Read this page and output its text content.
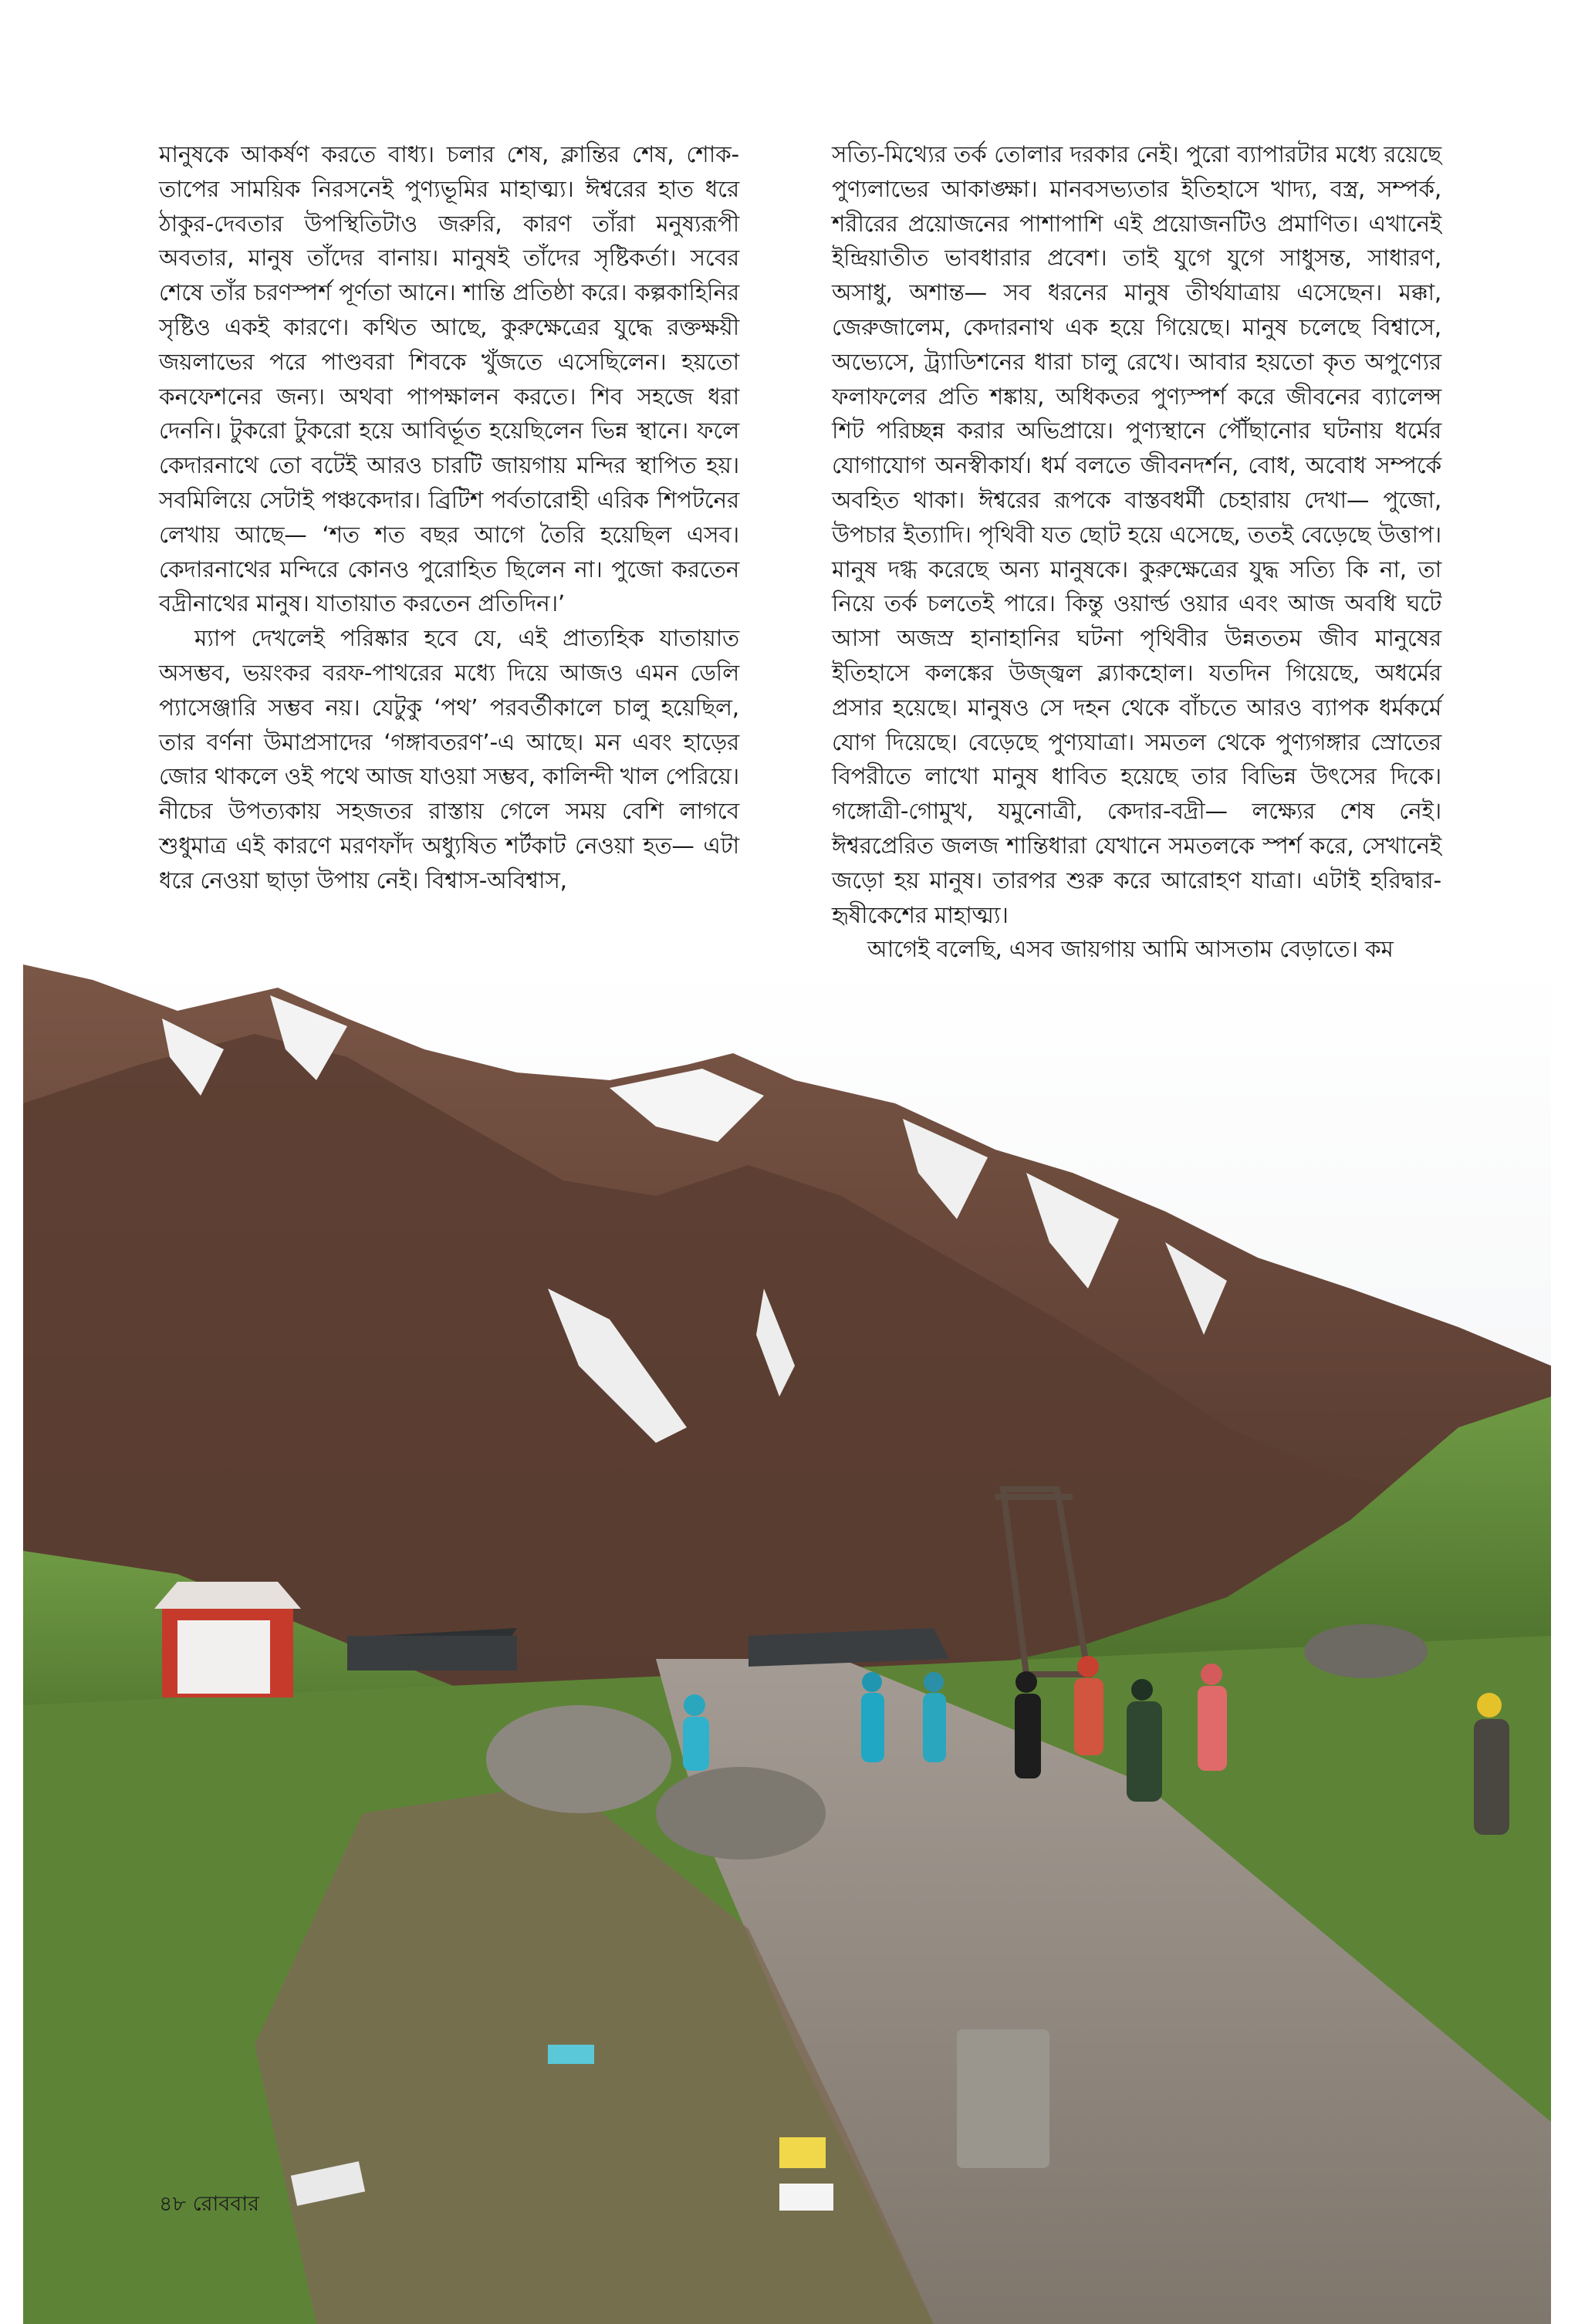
মানুষকে আকর্ষণ করতে বাধ্য। চলার শেষ, ক্লান্তির শেষ, শোক-তাপের সাময়িক নিরসনেই পুণ্যভূমির মাহাত্ম্য। ঈশ্বরের হাত ধরে ঠাকুর-দেবতার উপস্থিতিটাও জরুরি, কারণ তাঁরা মনুষ্যরূপী অবতার, মানুষ তাঁদের বানায়। মানুষই তাঁদের সৃষ্টিকর্তা। সবের শেষে তাঁর চরণস্পর্শ পূর্ণতা আনে। শান্তি প্রতিষ্ঠা করে। কল্পকাহিনির সৃষ্টিও একই কারণে। কথিত আছে, কুরুক্ষেত্রের যুদ্ধে রক্তক্ষয়ী জয়লাভের পরে পাণ্ডবরা শিবকে খুঁজতে এসেছিলেন। হয়তো কনফেশনের জন্য। অথবা পাপক্ষালন করতে। শিব সহজে ধরা দেননি। টুকরো টুকরো হয়ে আবির্ভূত হয়েছিলেন ভিন্ন স্থানে। ফলে কেদারনাথে তো বটেই আরও চারটি জায়গায় মন্দির স্থাপিত হয়। সবমিলিয়ে সেটাই পঞ্চকেদার। ব্রিটিশ পর্বতারোহী এরিক শিপটনের লেখায় আছে— ‘শত শত বছর আগে তৈরি হয়েছিল এসব। কেদারনাথের মন্দিরে কোনও পুরোহিত ছিলেন না। পুজো করতেন বদ্রীনাথের মানুষ। যাতায়াত করতেন প্রতিদিন।’

ম্যাপ দেখলেই পরিষ্কার হবে যে, এই প্রাত্যহিক যাতায়াত অসম্ভব, ভয়ংকর বরফ-পাথরের মধ্যে দিয়ে আজও এমন ডেলি প্যাসেঞ্জারি সম্ভব নয়। যেটুকু ‘পথ’ পরবর্তীকালে চালু হয়েছিল, তার বর্ণনা উমাপ্রসাদের ‘গঙ্গাবতরণ’-এ আছে। মন এবং হাড়ের জোর থাকলে ওই পথে আজ যাওয়া সম্ভব, কালিন্দী খাল পেরিয়ে। নীচের উপত্যকায় সহজতর রাস্তায় গেলে সময় বেশি লাগবে শুধুমাত্র এই কারণে মরণফাঁদ অধ্যুষিত শর্টকাট নেওয়া হত— এটা ধরে নেওয়া ছাড়া উপায় নেই। বিশ্বাস-অবিশ্বাস,

সত্যি-মিথ্যের তর্ক তোলার দরকার নেই। পুরো ব্যাপারটার মধ্যে রয়েছে পুণ্যলাভের আকাঙ্ক্ষা। মানবসভ্যতার ইতিহাসে খাদ্য, বস্ত্র, সম্পর্ক, শরীরের প্রয়োজনের পাশাপাশি এই প্রয়োজনটিও প্রমাণিত। এখানেই ইন্দ্রিয়াতীত ভাবধারার প্রবেশ। তাই যুগে যুগে সাধুসন্ত, সাধারণ, অসাধু, অশান্ত— সব ধরনের মানুষ তীর্থযাত্রায় এসেছেন। মক্কা, জেরুজালেম, কেদারনাথ এক হয়ে গিয়েছে। মানুষ চলেছে বিশ্বাসে, অভ্যেসে, ট্র্যাডিশনের ধারা চালু রেখে। আবার হয়তো কৃত অপুণ্যের ফলাফলের প্রতি শঙ্কায়, অধিকতর পুণ্যস্পর্শ করে জীবনের ব্যালেন্স শিট পরিচ্ছন্ন করার অভিপ্রায়ে। পুণ্যস্থানে পৌঁছানোর ঘটনায় ধর্মের যোগাযোগ অনস্বীকার্য। ধর্ম বলতে জীবনদর্শন, বোধ, অবোধ সম্পর্কে অবহিত থাকা। ঈশ্বরের রূপকে বাস্তবধর্মী চেহারায় দেখা— পুজো, উপচার ইত্যাদি। পৃথিবী যত ছোট হয়ে এসেছে, ততই বেড়েছে উত্তাপ। মানুষ দগ্ধ করেছে অন্য মানুষকে। কুরুক্ষেত্রের যুদ্ধ সত্যি কি না, তা নিয়ে তর্ক চলতেই পারে। কিন্তু ওয়ার্ল্ড ওয়ার এবং আজ অবধি ঘটে আসা অজস্র হানাহানির ঘটনা পৃথিবীর উন্নততম জীব মানুষের ইতিহাসে কলঙ্কের উজ্জ্বল ব্ল্যাকহোল। যতদিন গিয়েছে, অধর্মের প্রসার হয়েছে। মানুষও সে দহন থেকে বাঁচতে আরও ব্যাপক ধর্মকর্মে যোগ দিয়েছে। বেড়েছে পুণ্যযাত্রা। সমতল থেকে পুণ্যগঙ্গার স্রোতের বিপরীতে লাখো মানুষ ধাবিত হয়েছে তার বিভিন্ন উৎসের দিকে। গঙ্গোত্রী-গোমুখ, যমুনোত্রী, কেদার-বদ্রী— লক্ষ্যের শেষ নেই। ঈশ্বরপ্রেরিত জলজ শান্তিধারা যেখানে সমতলকে স্পর্শ করে, সেখানেই জড়ো হয় মানুষ। তারপর শুরু করে আরোহণ যাত্রা। এটাই হরিদ্বার-হৃষীকেশের মাহাত্ম্য।

আগেই বলেছি, এসব জায়গায় আমি আসতাম বেড়াতে। কম

৪৮ রোববার
